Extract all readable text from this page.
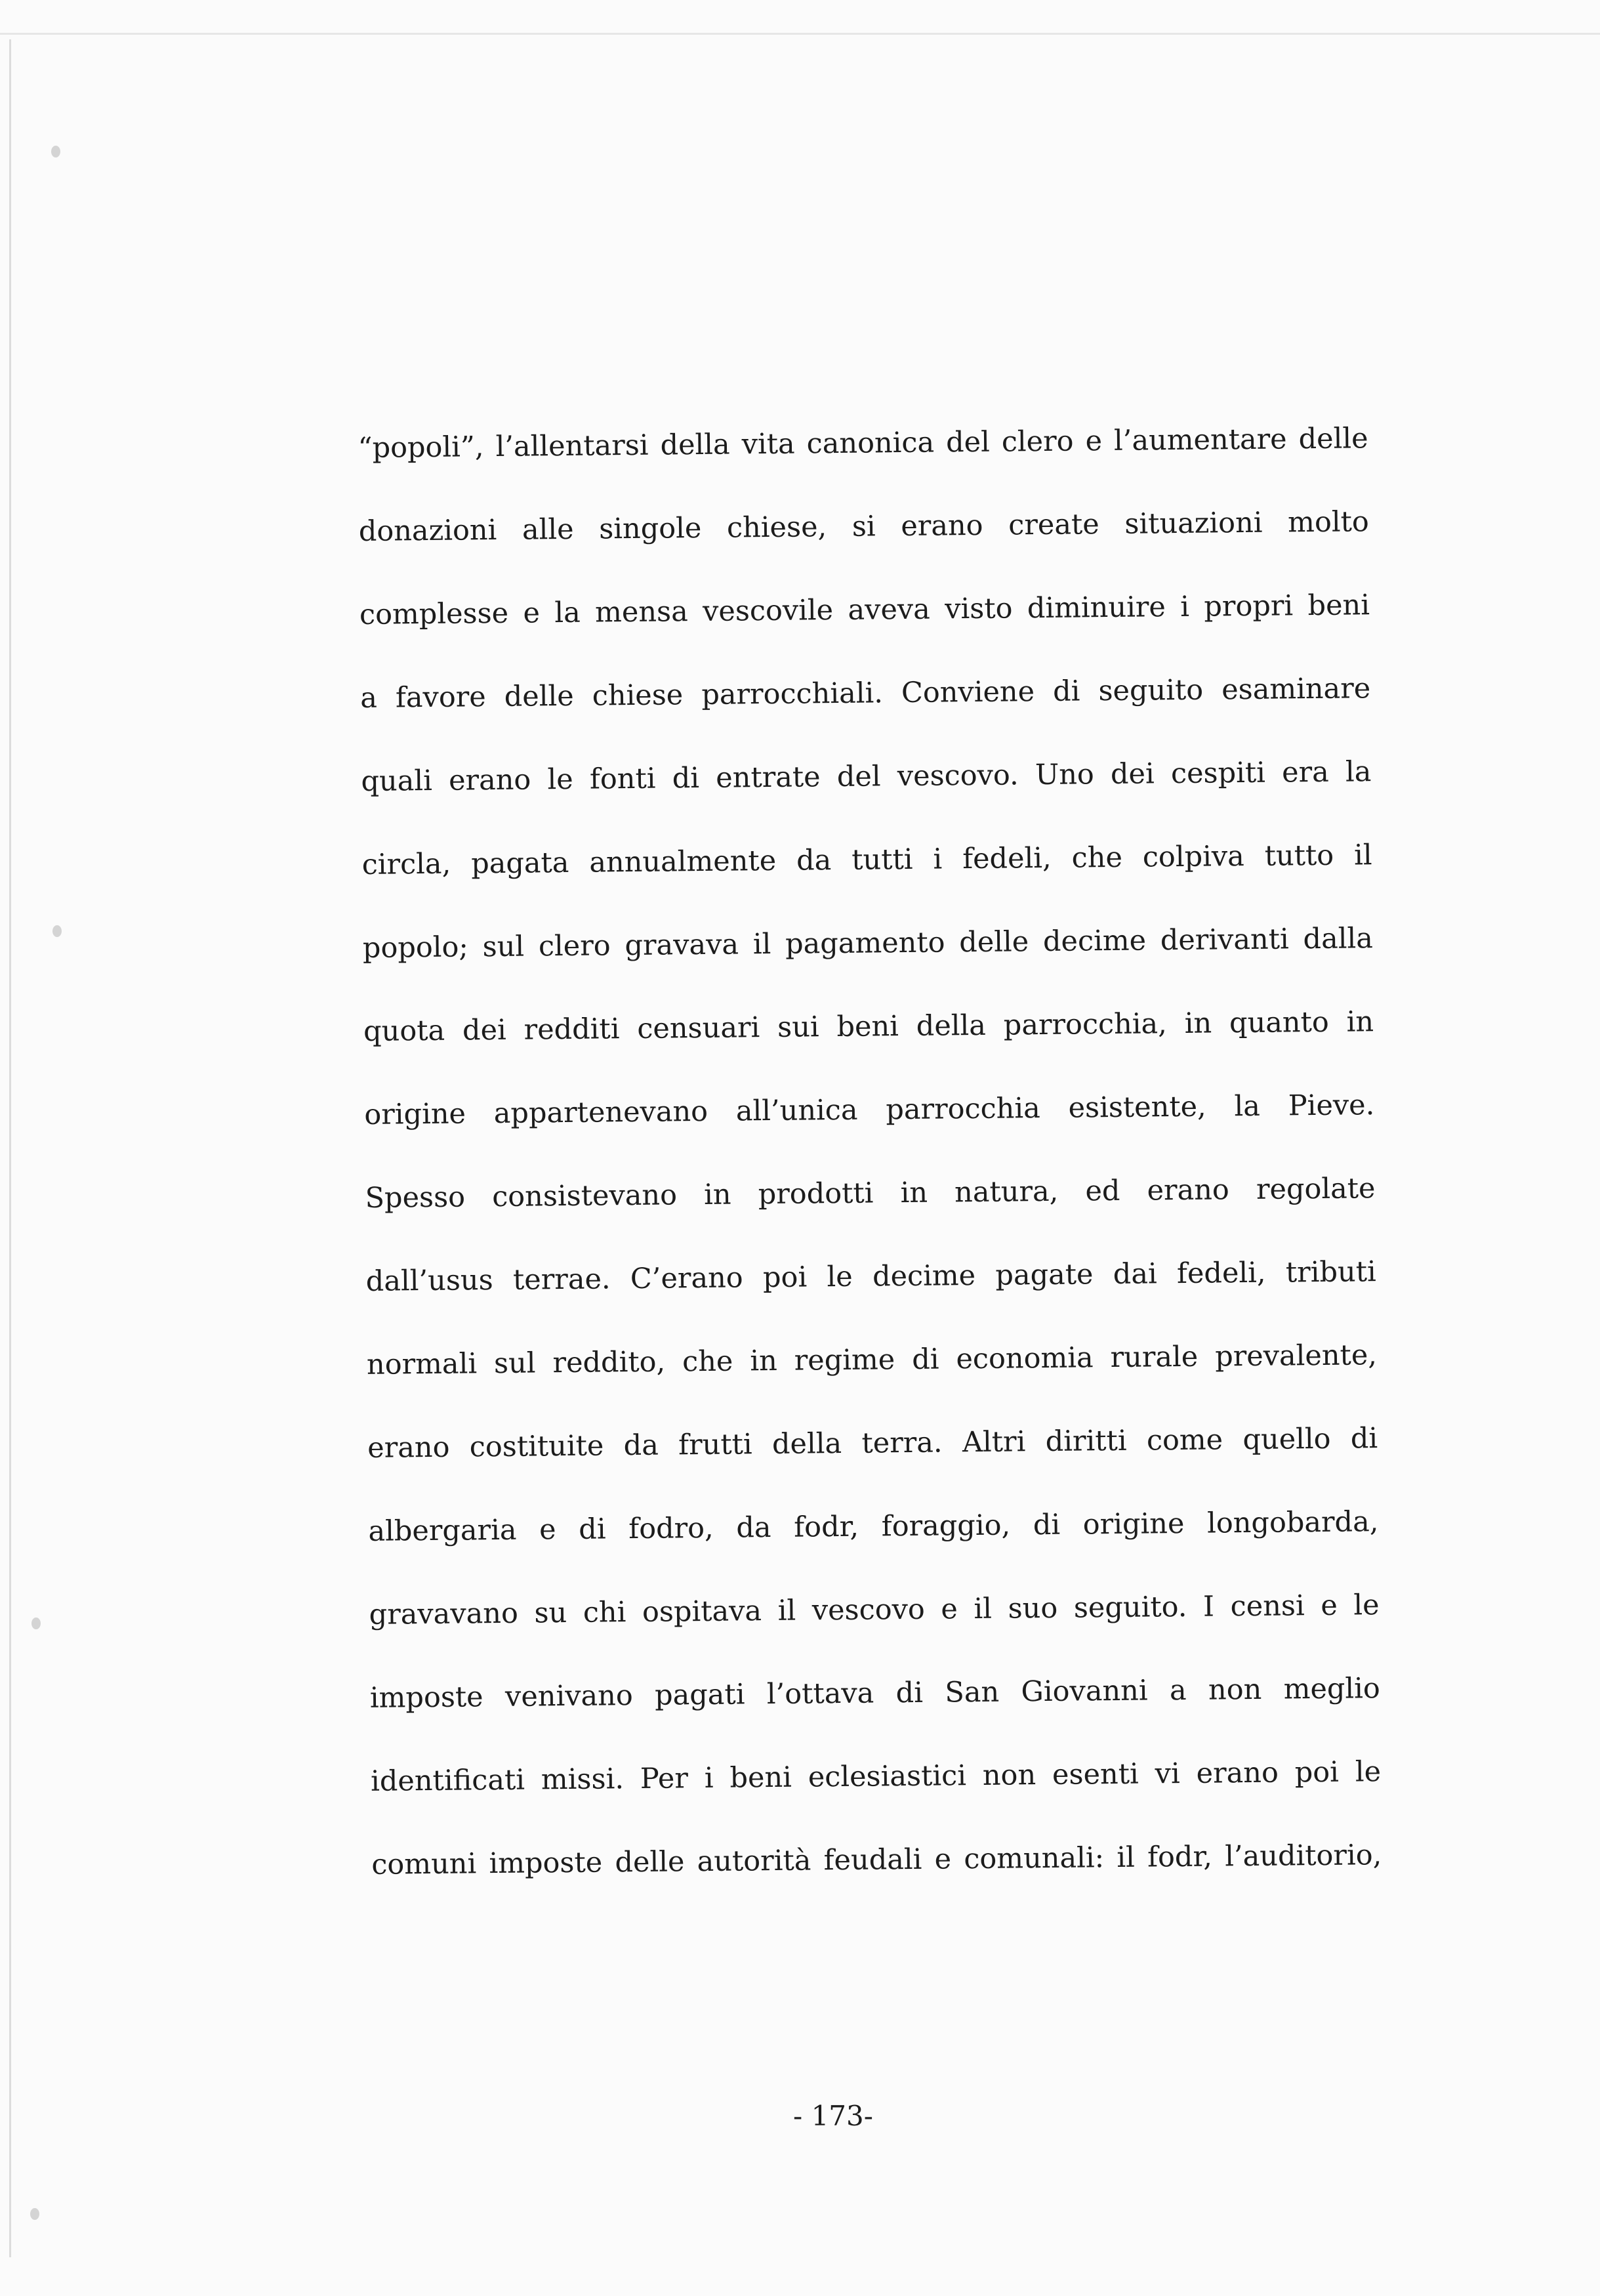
“popoli”, l’allentarsi della vita canonica del clero e l’aumentare delle
donazioni alle singole chiese, si erano create situazioni molto
complesse e la mensa vescovile aveva visto diminuire i propri beni
a favore delle chiese parrocchiali. Conviene di seguito esaminare
quali erano le fonti di entrate del vescovo. Uno dei cespiti era la
circla, pagata annualmente da tutti i fedeli, che colpiva tutto il
popolo; sul clero gravava il pagamento delle decime derivanti dalla
quota dei redditi censuari sui beni della parrocchia, in quanto in
origine appartenevano all’unica parrocchia esistente, la Pieve.
Spesso consistevano in prodotti in natura, ed erano regolate
dall’usus terrae. C’erano poi le decime pagate dai fedeli, tributi
normali sul reddito, che in regime di economia rurale prevalente,
erano costituite da frutti della terra. Altri diritti come quello di
albergaria e di fodro, da fodr, foraggio, di origine longobarda,
gravavano su chi ospitava il vescovo e il suo seguito. I censi e le
imposte venivano pagati l’ottava di San Giovanni a non meglio
identificati missi. Per i beni eclesiastici non esenti vi erano poi le
comuni imposte delle autorità feudali e comunali: il fodr, l’auditorio,
- 173-
